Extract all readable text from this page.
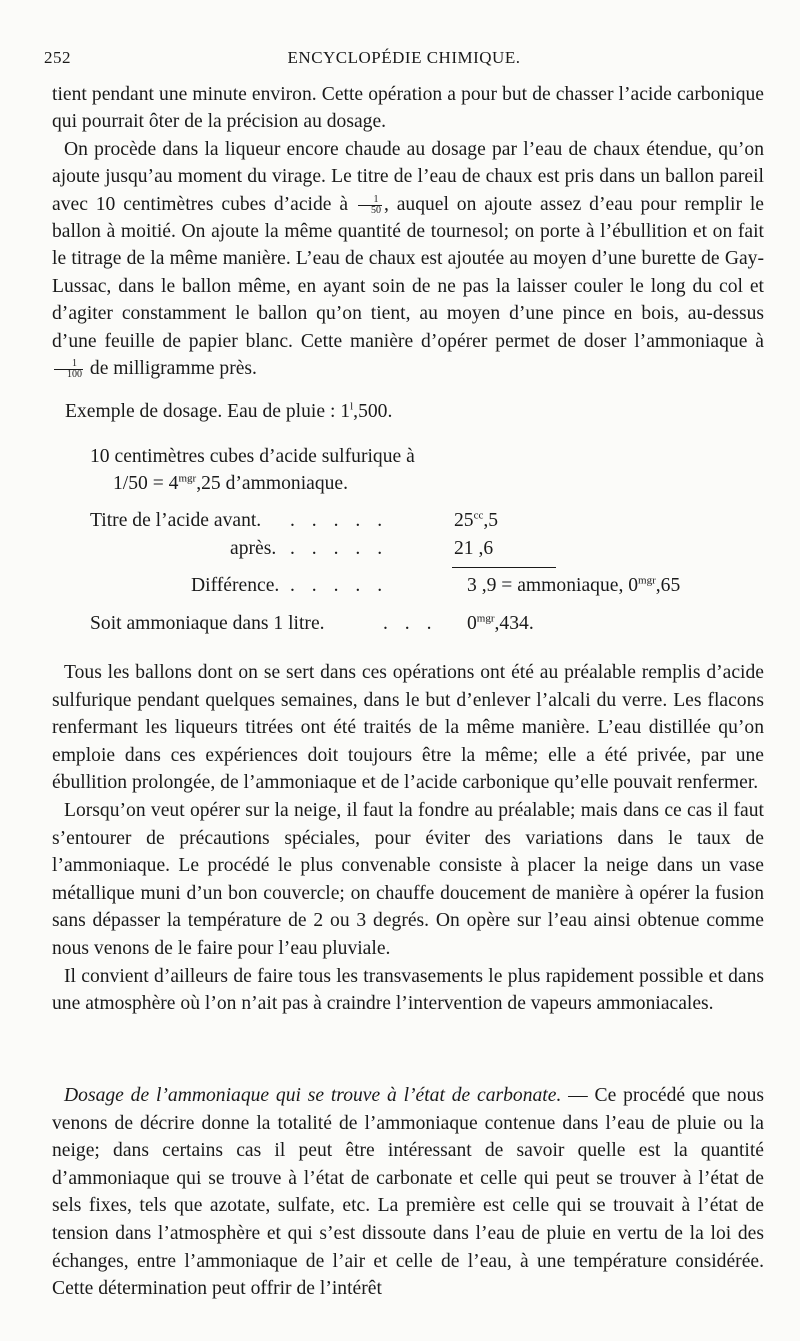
252	ENCYCLOPÉDIE CHIMIQUE.

tient pendant une minute environ. Cette opération a pour but de chasser l’acide carbonique qui pourrait ôter de la précision au dosage.

On procède dans la liqueur encore chaude au dosage par l’eau de chaux étendue, qu’on ajoute jusqu’au moment du virage. Le titre de l’eau de chaux est pris dans un ballon pareil avec 10 centimètres cubes d’acide à $\frac{1}{50}$ , auquel on ajoute assez d’eau pour remplir le ballon à moitié. On ajoute la même quantité de tournesol; on porte à l’ébullition et on fait le titrage de la même manière. L’eau de chaux est ajoutée au moyen d’une burette de Gay-Lussac, dans le ballon même, en ayant soin de ne pas la laisser couler le long du col et d’agiter constamment le ballon qu’on tient, au moyen d’une pince en bois, au-dessus d’une feuille de papier blanc. Cette manière d’opérer permet de doser l’ammoniaque à
$\frac{1}{100}$ de milligramme près.

Exemple de dosage. Eau de pluie : 1$^l$,500.
10 centimètres cubes d’acide sulfurique à
$1/50 = 4^{mgr},25$ d’ammoniaque.
Titre de l’acide avant. . . . . .	$25^{cc},5$
après. . . . . .	21 ,6
Différence. . . . . .	3 ,9 = ammoniaque, $0^{mgr},65$
Soit ammoniaque dans 1 litre.	. . . $0^{mgr},434$.

Tous les ballons dont on se sert dans ces opérations ont été au préalable remplis d’acide sulfurique pendant quelques semaines, dans le but d’enlever l’alcali du verre. Les flacons renfermant les liqueurs titrées ont été traités de la même manière. L’eau distillée qu’on emploie dans ces expériences doit toujours être la même; elle a été privée, par une ébullition prolongée, de l’ammoniaque et de l’acide carbonique qu’elle pouvait renfermer.

Lorsqu’on veut opérer sur la neige, il faut la fondre au préalable; mais dans ce cas il faut s’entourer de précautions spéciales, pour éviter des variations dans le taux de l’ammoniaque. Le procédé le plus convenable consiste à placer la neige dans un vase métallique muni d’un bon couvercle; on chauffe doucement de manière à opérer la fusion sans dépasser la température de 2 ou 3 degrés. On opère sur l’eau ainsi obtenue comme nous venons de le faire pour l’eau pluviale.

Il convient d’ailleurs de faire tous les transvasements le plus rapidement possible et dans une atmosphère où l’on n’ait pas à craindre l’intervention de vapeurs ammoniacales.

Dosage de l’ammoniaque qui se trouve à l’état de carbonate. — Ce procédé que nous venons de décrire donne la totalité de l’ammoniaque contenue dans l’eau de pluie ou la neige; dans certains cas il peut être intéressant de savoir quelle est la quantité d’ammoniaque qui se trouve à l’état de carbonate et celle qui peut se trouver à l’état de sels fixes, tels que azotate, sulfate, etc. La première est celle qui se trouvait à l’état de tension dans l’atmosphère et qui s’est dissoute dans l’eau de pluie en vertu de la loi des échanges, entre l’ammoniaque de l’air et celle de l’eau, à une température considérée. Cette détermination peut offrir de l’intérêt
